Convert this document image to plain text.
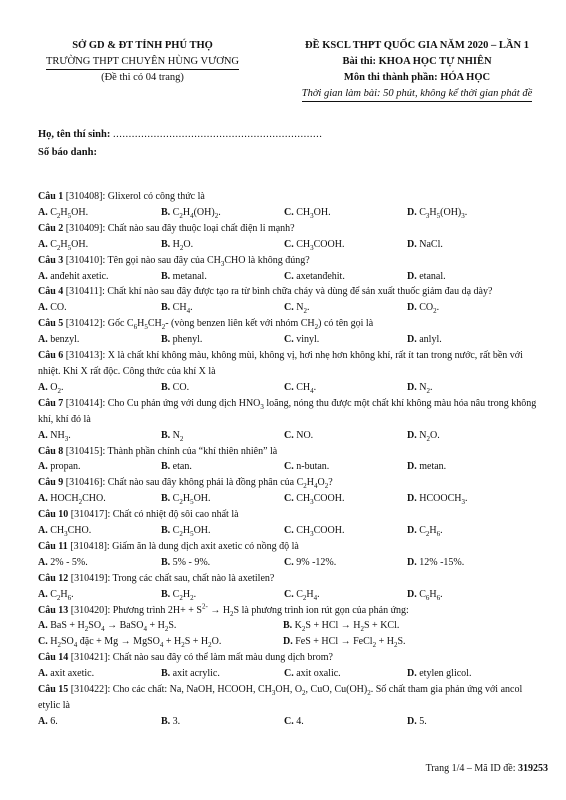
SỞ GD & ĐT TỈNH PHÚ THỌ
TRƯỜNG THPT CHUYÊN HÙNG VƯƠNG
(Đề thi có 04 trang)
ĐỀ KSCL THPT QUỐC GIA NĂM 2020 – LẦN 1
Bài thi: KHOA HỌC TỰ NHIÊN
Môn thi thành phần: HÓA HỌC
Thời gian làm bài: 50 phút, không kể thời gian phát đề
Họ, tên thí sinh: ...................................................................
Số báo danh:
Câu 1 [310408]: Glixerol có công thức là
A. $C_2H_5OH$.	B. $C_2H_4(OH)_2$.	C. $CH_3OH$.	D. $C_3H_5(OH)_3$.
Câu 2 [310409]: Chất nào sau đây thuộc loại chất điện li mạnh?
A. $C_2H_5OH$.	B. $H_2O$.	C. $CH_3COOH$.	D. NaCl.
Câu 3 [310410]: Tên gọi nào sau đây của $CH_3CHO$ là không đúng?
A. anđehit axetic.	B. metanal.	C. axetanđehit.	D. etanal.
Câu 4 [310411]: Chất khí nào sau đây được tạo ra từ bình chữa cháy và dùng để sản xuất thuốc giảm đau dạ dày?
A. CO.	B. $CH_4$.	C. $N_2$.	D. $CO_2$.
Câu 5 [310412]: Gốc $C_6H_5CH_2-$ (vòng benzen liên kết với nhóm $CH_2$) có tên gọi là
A. benzyl.	B. phenyl.	C. vinyl.	D. anlyl.
Câu 6 [310413]: X là chất khí không màu, không mùi, không vị, hơi nhẹ hơn không khí, rất ít tan trong nước, rất bền với nhiệt. Khi X rất độc. Công thức của khí X là
A. $O_2$.	B. CO.	C. $CH_4$.	D. $N_2$.
Câu 7 [310414]: Cho Cu phản ứng với dung dịch $HNO_3$ loãng, nóng thu được một chất khí không màu hóa nâu trong không khí, khí đó là
A. $NH_3$.	B. $N_2$	C. NO.	D. $N_2O$.
Câu 8 [310415]: Thành phần chính của “khí thiên nhiên” là
A. propan.	B. etan.	C. n-butan.	D. metan.
Câu 9 [310416]: Chất nào sau đây không phải là đồng phân của $C_2H_4O_2$?
A. $HOCH_2CHO$.	B. $C_2H_5OH$.	C. $CH_3COOH$.	D. $HCOOCH_3$.
Câu 10 [310417]: Chất có nhiệt độ sôi cao nhất là
A. $CH_3CHO$.	B. $C_2H_5OH$.	C. $CH_3COOH$.	D. $C_2H_6$.
Câu 11 [310418]: Giấm ăn là dung dịch axit axetic có nồng độ là
A. 2% - 5%.	B. 5% - 9%.	C. 9% -12%.	D. 12% -15%.
Câu 12 [310419]: Trong các chất sau, chất nào là axetilen?
A. $C_2H_6$.	B. $C_2H_2$.	C. $C_2H_4$.	D. $C_6H_6$.
Câu 13 [310420]: Phương trình $2H+ + S^{2-} \to H_2S$ là phương trình ion rút gọn của phản ứng:
A. BaS + $H_2SO_4$ → BaSO$_4$ + $H_2S$.	B. $K_2S$ + HCl → $H_2S$ + KCl.
C. $H_2SO_4$ đặc + Mg → MgSO$_4$ + $H_2S + H_2O$.	D. FeS + HCl → FeCl$_2$ + $H_2S$.
Câu 14 [310421]: Chất nào sau đây có thể làm mất màu dung dịch brom?
A. axit axetic.	B. axit acrylic.	C. axit oxalic.	D. etylen glicol.
Câu 15 [310422]: Cho các chất: Na, NaOH, HCOOH, $CH_3OH$, $O_2$, CuO, $Cu(OH)_2$. Số chất tham gia phản ứng với ancol etylic là
A. 6.	B. 3.	C. 4.	D. 5.
Trang 1/4 – Mã ID đề: 319253
